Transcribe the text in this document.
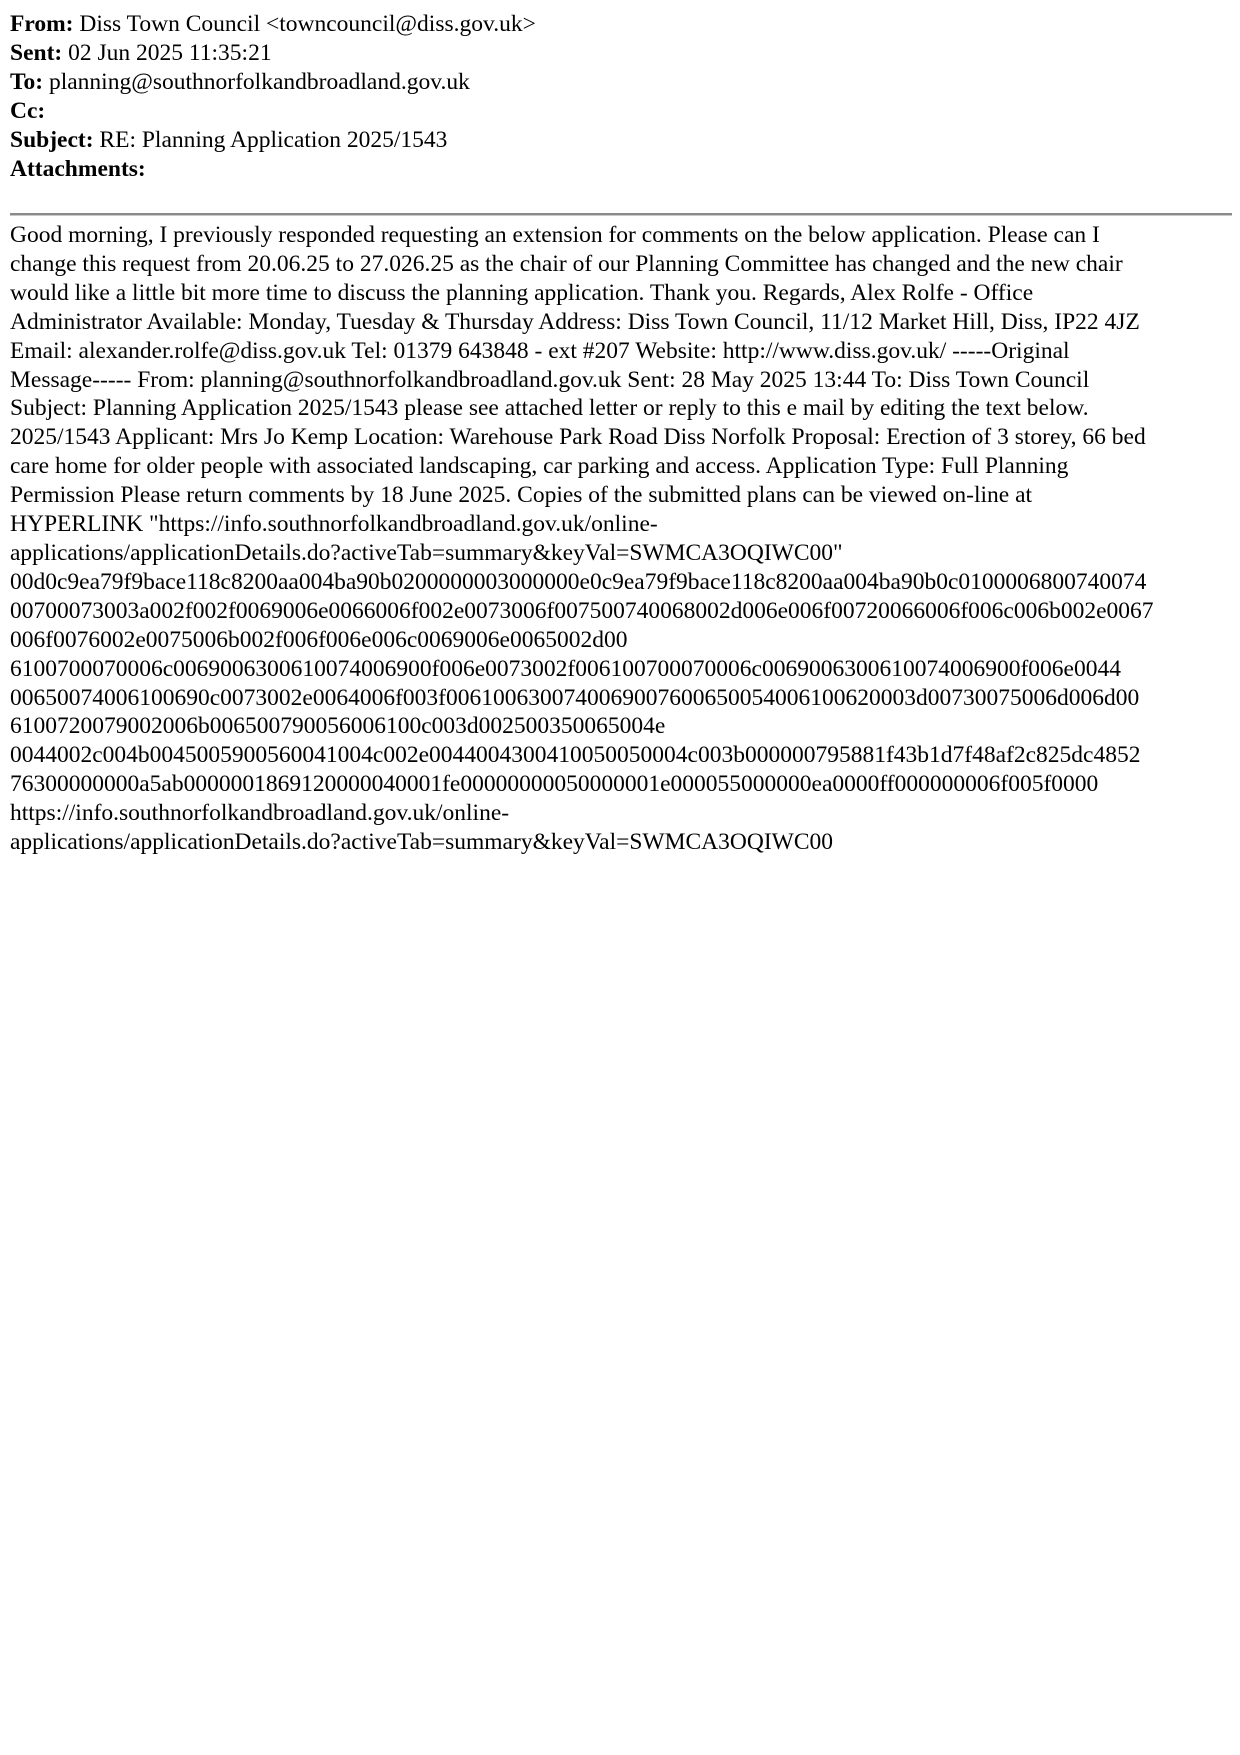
From: Diss Town Council <towncouncil@diss.gov.uk>
Sent: 02 Jun 2025 11:35:21
To: planning@southnorfolkandbroadland.gov.uk
Cc:
Subject: RE: Planning Application 2025/1543
Attachments:
Good morning, I previously responded requesting an extension for comments on the below application. Please can I
change this request from 20.06.25 to 27.026.25 as the chair of our Planning Committee has changed and the new chair
would like a little bit more time to discuss the planning application. Thank you. Regards, Alex Rolfe - Office
Administrator Available: Monday, Tuesday & Thursday Address: Diss Town Council, 11/12 Market Hill, Diss, IP22 4JZ
Email: alexander.rolfe@diss.gov.uk Tel: 01379 643848 - ext #207 Website: http://www.diss.gov.uk/ -----Original
Message----- From: planning@southnorfolkandbroadland.gov.uk Sent: 28 May 2025 13:44 To: Diss Town Council
Subject: Planning Application 2025/1543 please see attached letter or reply to this e mail by editing the text below.
2025/1543 Applicant: Mrs Jo Kemp Location: Warehouse Park Road Diss Norfolk Proposal: Erection of 3 storey, 66 bed
care home for older people with associated landscaping, car parking and access. Application Type: Full Planning
Permission Please return comments by 18 June 2025. Copies of the submitted plans can be viewed on-line at
HYPERLINK "https://info.southnorfolkandbroadland.gov.uk/online-
applications/applicationDetails.do?activeTab=summary&keyVal=SWMCA3OQIWC00"
00d0c9ea79f9bace118c8200aa004ba90b0200000003000000e0c9ea79f9bace118c8200aa004ba90b0c0100006800740074
00700073003a002f002f0069006e0066006f002e0073006f007500740068002d006e006f00720066006f006c006b002e0067
006f0076002e0075006b002f006f006e006c0069006e0065002d00
6100700070006c0069006300610074006900f006e0073002f006100700070006c0069006300610074006900f006e0044
00650074006100690c0073002e0064006f003f0061006300740069007600650054006100620003d00730075006d006d00
6100720079002006b006500790056006100c003d002500350065004e
0044002c004b0045005900560041004c002e0044004300410050050004c003b000000795881f43b1d7f48af2c825dc4852
76300000000a5ab0000001869120000040001fe00000000050000001e000055000000ea0000ff000000006f005f0000
https://info.southnorfolkandbroadland.gov.uk/online-
applications/applicationDetails.do?activeTab=summary&keyVal=SWMCA3OQIWC00
